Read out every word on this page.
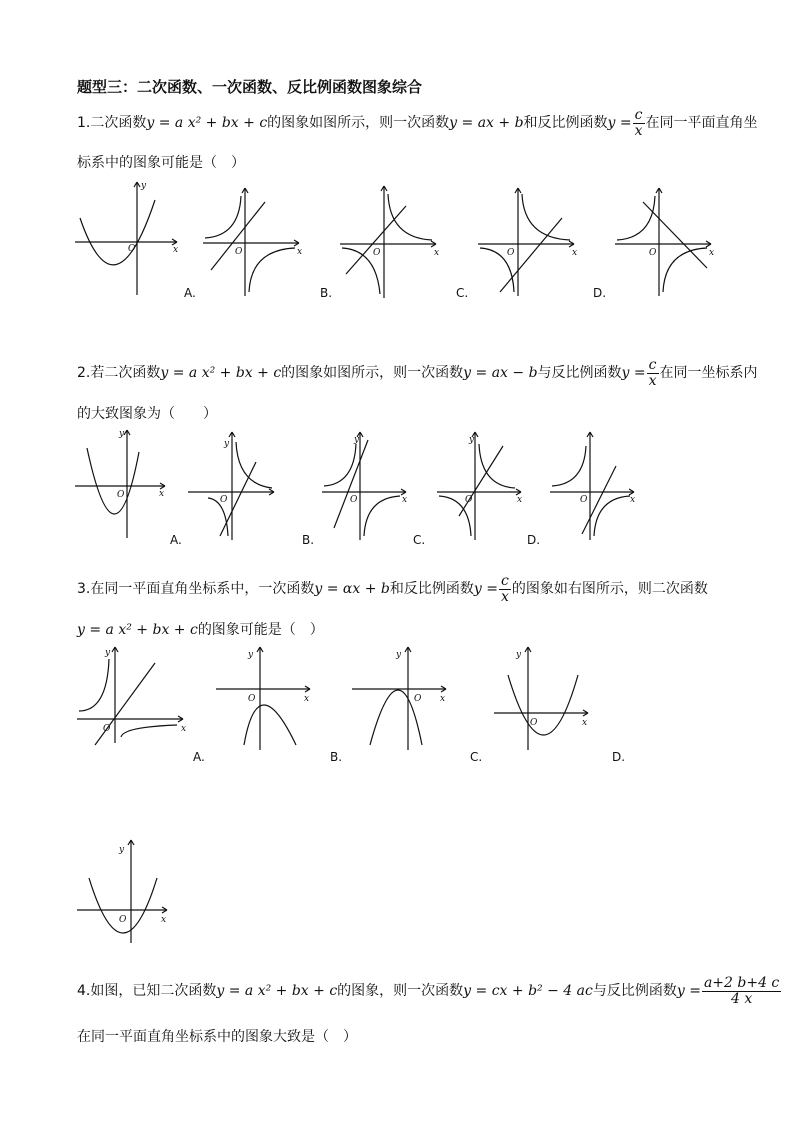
题型三：二次函数、一次函数、反比例函数图象综合
1.二次函数y = a x² + bx + c的图象如图所示，则一次函数y = ax + b和反比例函数$y = \frac{c}{x}$ 在同一平面直角坐
标系中的图象可能是（　）
y
x
O	O	x	O	x	O	x	O	x
A.	B.	C.	D.
2.若二次函数y = a x² + bx + c的图象如图所示，则一次函数y = ax − b与反比例函数$y = \frac{c}{x}$ 在同一坐标系内
的大致图象为（　　）
y
x
O
y
O
y
O	x
y
O	x	O	x
A.	B.	C.	D.
3.在同一平面直角坐标系中，一次函数y = αx + b和反比例函数$y = \frac{c}{x}$ 的图象如右图所示，则二次函数
y = a x² + bx + c的图象可能是（　）
y
x
O
y
x
O
y
x
O
y
x
O
A.	B.	C.	D.
y
x
O
4.如图，已知二次函数y = a x² + bx + c的图象，则一次函数y = cx + b² − 4 ac与反比例函数$y = \frac{a+2 b+4 c}{4 x}$
在同一平面直角坐标系中的图象大致是（　）
